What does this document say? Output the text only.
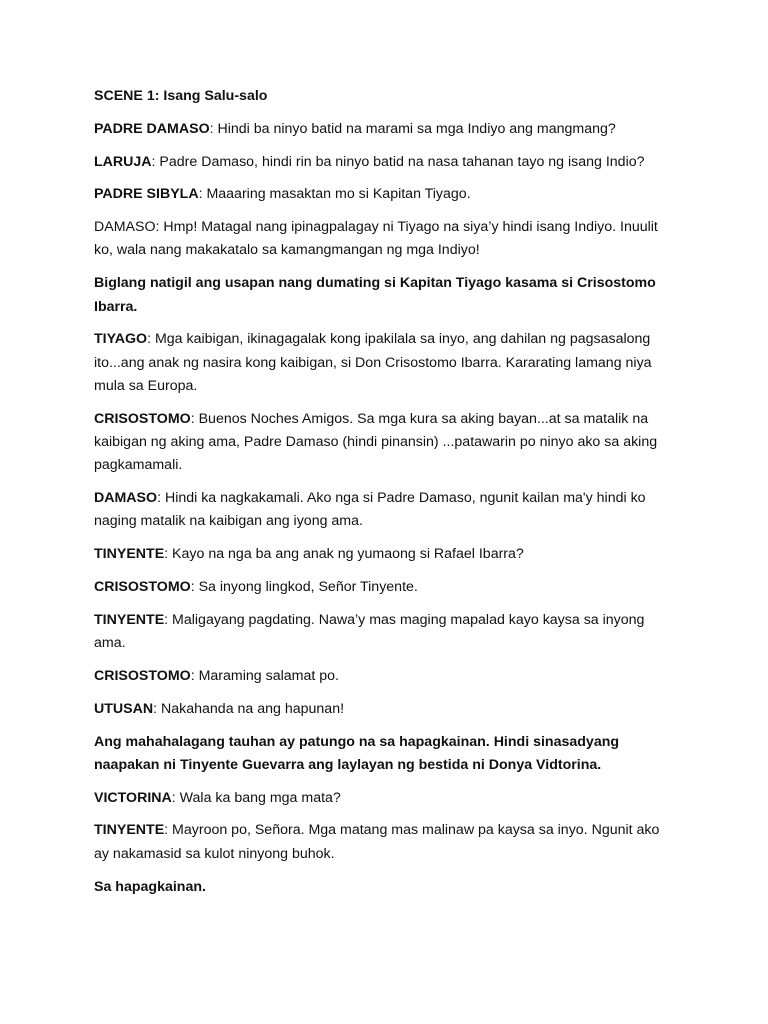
SCENE 1: Isang Salu-salo

PADRE DAMASO: Hindi ba ninyo batid na marami sa mga Indiyo ang mangmang?

LARUJA: Padre Damaso, hindi rin ba ninyo batid na nasa tahanan tayo ng isang Indio?

PADRE SIBYLA: Maaaring masaktan mo si Kapitan Tiyago.

DAMASO: Hmp! Matagal nang ipinagpalagay ni Tiyago na siya’y hindi isang Indiyo. Inuulit ko, wala nang makakatalo sa kamangmangan ng mga Indiyo!

Biglang natigil ang usapan nang dumating si Kapitan Tiyago kasama si Crisostomo Ibarra.

TIYAGO: Mga kaibigan, ikinagagalak kong ipakilala sa inyo, ang dahilan ng pagsasalong ito...ang anak ng nasira kong kaibigan, si Don Crisostomo Ibarra. Kararating lamang niya mula sa Europa.

CRISOSTOMO: Buenos Noches Amigos. Sa mga kura sa aking bayan...at sa matalik na kaibigan ng aking ama, Padre Damaso (hindi pinansin) ...patawarin po ninyo ako sa aking pagkamamali.

DAMASO: Hindi ka nagkakamali. Ako nga si Padre Damaso, ngunit kailan ma'y hindi ko naging matalik na kaibigan ang iyong ama.

TINYENTE: Kayo na nga ba ang anak ng yumaong si Rafael Ibarra?

CRISOSTOMO: Sa inyong lingkod, Señor Tinyente.

TINYENTE: Maligayang pagdating. Nawa’y mas maging mapalad kayo kaysa sa inyong ama.

CRISOSTOMO: Maraming salamat po.

UTUSAN: Nakahanda na ang hapunan!

Ang mahahalagang tauhan ay patungo na sa hapagkainan. Hindi sinasadyang naapakan ni Tinyente Guevarra ang laylayan ng bestida ni Donya Vidtorina.

VICTORINA: Wala ka bang mga mata?

TINYENTE: Mayroon po, Señora. Mga matang mas malinaw pa kaysa sa inyo. Ngunit ako ay nakamasid sa kulot ninyong buhok.

Sa hapagkainan.
